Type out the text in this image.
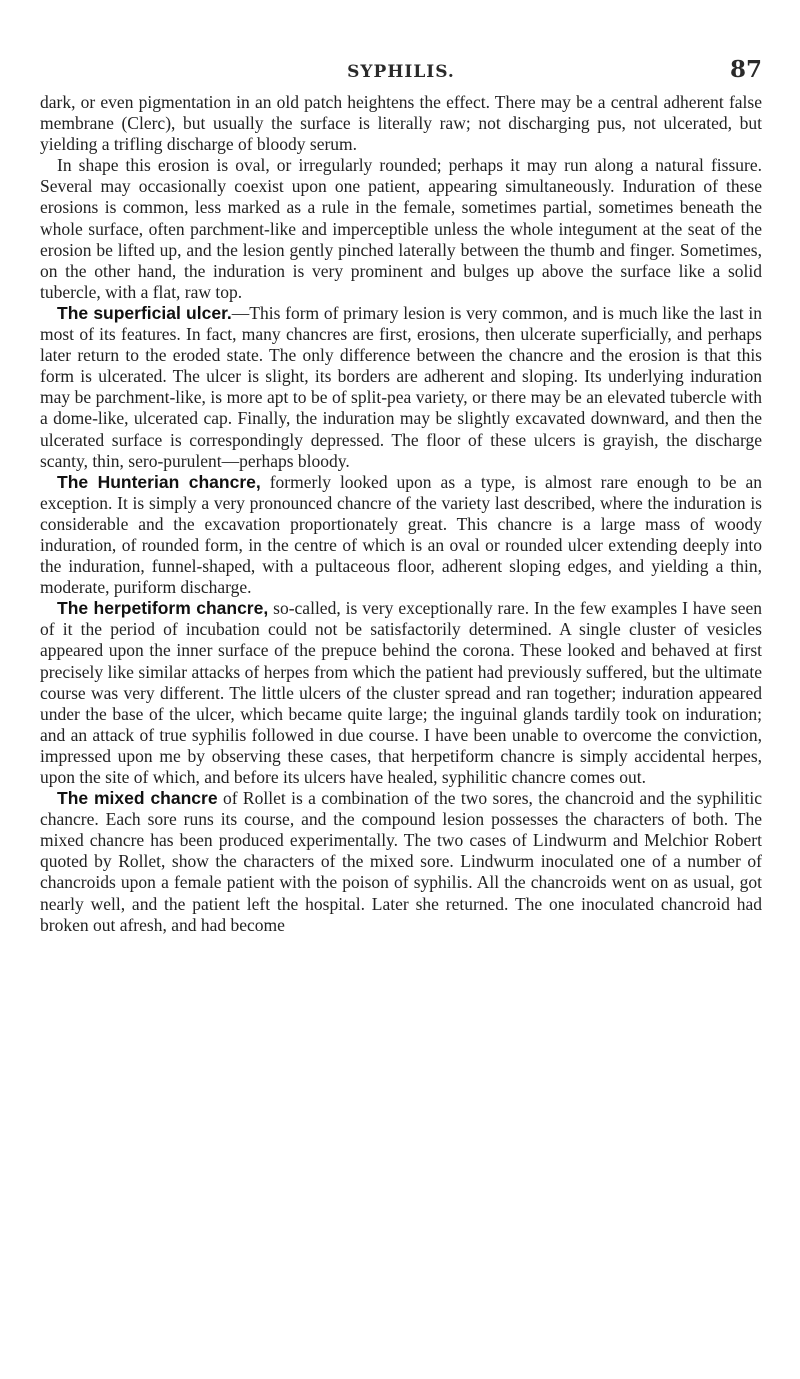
SYPHILIS.	87

dark, or even pigmentation in an old patch heightens the effect. There may be a central adherent false membrane (Clerc), but usually the surface is literally raw; not discharging pus, not ulcerated, but yielding a trifling discharge of bloody serum.

In shape this erosion is oval, or irregularly rounded; perhaps it may run along a natural fissure. Several may occasionally coexist upon one patient, appearing simultaneously. Induration of these erosions is common, less marked as a rule in the female, sometimes partial, sometimes beneath the whole surface, often parchment-like and imperceptible unless the whole integument at the seat of the erosion be lifted up, and the lesion gently pinched laterally between the thumb and finger. Sometimes, on the other hand, the induration is very prominent and bulges up above the surface like a solid tubercle, with a flat, raw top.

The superficial ulcer.—This form of primary lesion is very common, and is much like the last in most of its features. In fact, many chancres are first, erosions, then ulcerate superficially, and perhaps later return to the eroded state. The only difference between the chancre and the erosion is that this form is ulcerated. The ulcer is slight, its borders are adherent and sloping. Its underlying induration may be parchment-like, is more apt to be of split-pea variety, or there may be an elevated tubercle with a dome-like, ulcerated cap. Finally, the induration may be slightly excavated downward, and then the ulcerated surface is correspondingly depressed. The floor of these ulcers is grayish, the discharge scanty, thin, sero-purulent—perhaps bloody.

The Hunterian chancre, formerly looked upon as a type, is almost rare enough to be an exception. It is simply a very pronounced chancre of the variety last described, where the induration is considerable and the excavation proportionately great. This chancre is a large mass of woody induration, of rounded form, in the centre of which is an oval or rounded ulcer extending deeply into the induration, funnel-shaped, with a pultaceous floor, adherent sloping edges, and yielding a thin, moderate, puriform discharge.

The herpetiform chancre, so-called, is very exceptionally rare. In the few examples I have seen of it the period of incubation could not be satisfactorily determined. A single cluster of vesicles appeared upon the inner surface of the prepuce behind the corona. These looked and behaved at first precisely like similar attacks of herpes from which the patient had previously suffered, but the ultimate course was very different. The little ulcers of the cluster spread and ran together; induration appeared under the base of the ulcer, which became quite large; the inguinal glands tardily took on induration; and an attack of true syphilis followed in due course. I have been unable to overcome the conviction, impressed upon me by observing these cases, that herpetiform chancre is simply accidental herpes, upon the site of which, and before its ulcers have healed, syphilitic chancre comes out.

The mixed chancre of Rollet is a combination of the two sores, the chancroid and the syphilitic chancre. Each sore runs its course, and the compound lesion possesses the characters of both. The mixed chancre has been produced experimentally. The two cases of Lindwurm and Melchior Robert quoted by Rollet, show the characters of the mixed sore. Lindwurm inoculated one of a number of chancroids upon a female patient with the poison of syphilis. All the chancroids went on as usual, got nearly well, and the patient left the hospital. Later she returned. The one inoculated chancroid had broken out afresh, and had become
